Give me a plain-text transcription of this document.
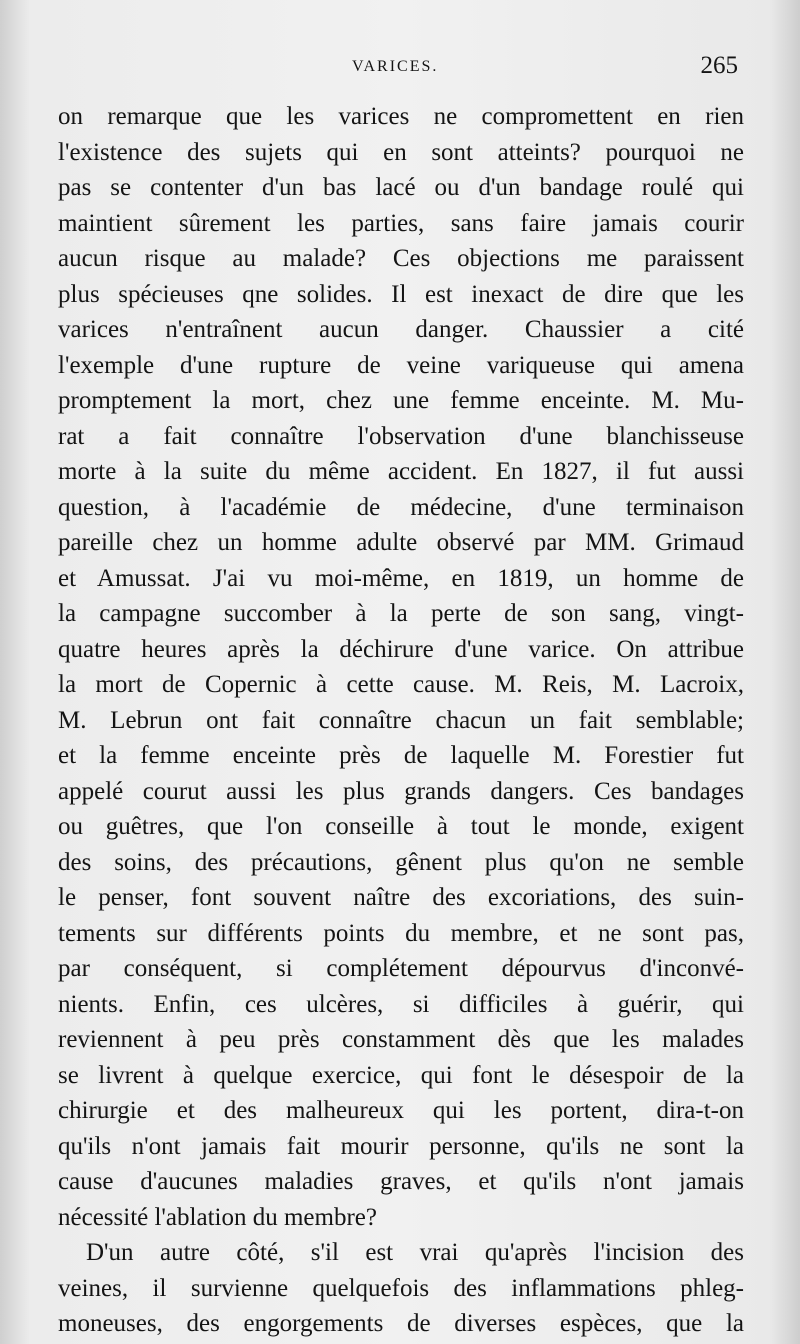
VARICES.	265
on remarque que les varices ne compromettent en rien
l'existence des sujets qui en sont atteints? pourquoi ne
pas se contenter d'un bas lacé ou d'un bandage roulé qui
maintient sûrement les parties, sans faire jamais courir
aucun risque au malade? Ces objections me paraissent
plus spécieuses qne solides. Il est inexact de dire que les
varices n'entraînent aucun danger. Chaussier a cité
l'exemple d'une rupture de veine variqueuse qui amena
promptement la mort, chez une femme enceinte. M. Mu-
rat a fait connaître l'observation d'une blanchisseuse
morte à la suite du même accident. En 1827, il fut aussi
question, à l'académie de médecine, d'une terminaison
pareille chez un homme adulte observé par MM. Grimaud
et Amussat. J'ai vu moi-même, en 1819, un homme de
la campagne succomber à la perte de son sang, vingt-
quatre heures après la déchirure d'une varice. On attribue
la mort de Copernic à cette cause. M. Reis, M. Lacroix,
M. Lebrun ont fait connaître chacun un fait semblable;
et la femme enceinte près de laquelle M. Forestier fut
appelé courut aussi les plus grands dangers. Ces bandages
ou guêtres, que l'on conseille à tout le monde, exigent
des soins, des précautions, gênent plus qu'on ne semble
le penser, font souvent naître des excoriations, des suin-
tements sur différents points du membre, et ne sont pas,
par conséquent, si complétement dépourvus d'inconvé-
nients. Enfin, ces ulcères, si difficiles à guérir, qui
reviennent à peu près constamment dès que les malades
se livrent à quelque exercice, qui font le désespoir de la
chirurgie et des malheureux qui les portent, dira-t-on
qu'ils n'ont jamais fait mourir personne, qu'ils ne sont la
cause d'aucunes maladies graves, et qu'ils n'ont jamais
nécessité l'ablation du membre?
D'un autre côté, s'il est vrai qu'après l'incision des
veines, il survienne quelquefois des inflammations phleg-
moneuses, des engorgements de diverses espèces, que la
